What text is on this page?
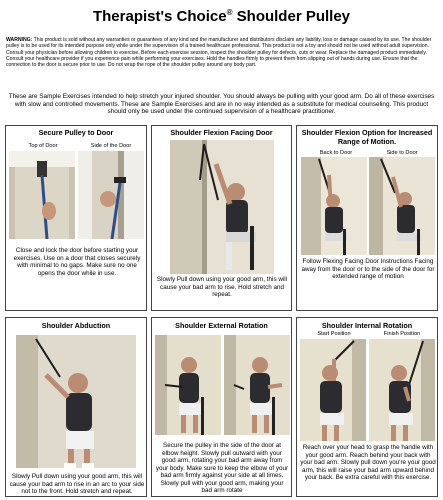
Therapist's Choice® Shoulder Pulley
WARNING: This product is sold without any warranties or guarantees of any kind and the manufacturer and distributors disclaim any liability, loss or damage caused by its use. The shoulder pulley is to be used for its intended purpose only while under the supervision of a trained healthcare professional. This product is not a toy and should not be used without adult supervision. Consult your physician before allowing children to exercise. Before each exercise session, inspect the shoulder pulley for defects, cuts or wear. Replace the damaged product immediately. Consult your healthcare provider if you experience pain while performing your exercises. Hold the handles firmly to prevent them from slipping out of hands during use. Ensure that the connection to the door is secure prior to use. Do not wrap the rope of the shoulder pulley around any body part.
These are Sample Exercises intended to help stretch your injured shoulder. You should always be pulling with your good arm. Do all of these exercises with slow and controlled movements. These are Sample Exercises and are in no way intended as a substitute for medical counseling. This product should only be used under the continued supervision of a healthcare practitioner.
Secure Pulley to Door
Top of Door	Side of the Door
Close and lock the door before starting your exercises. Use on a door that closes securely with minimal to no gaps. Make sure no one opens the door while in use.
Shoulder Flexion Facing Door
Slowly Pull down using your good arm, this will cause your bad arm to rise. Hold stretch and repeat.
Shoulder Flexion Option for Increased Range of Motion.
Back to Door	Side to Door
Follow Flexing Facing Door Instructions Facing away from the door or to the side of the door for extended range of motion
Shoulder Abduction
Slowly Pull down using your good arm, this will cause your bad arm to rise in an arc to your side not to the front. Hold stretch and repeat.
Shoulder External Rotation
Secure the pulley in the side of the door at elbow height. Slowly pull outward with your good arm, rotating your bad arm away from your body. Make sure to keep the elbow of your bad arm firmly against your side at all times. Slowly pull with your good arm, making your bad arm rotate
Shoulder Internal Rotation
Start Position	Finish Position
Reach over your head to grasp the handle with your good arm. Reach behind your back with your bad arm. Slowly pull down you're your good arm, this will raise your bad arm upward behind your back. Be extra careful with this exercise.
